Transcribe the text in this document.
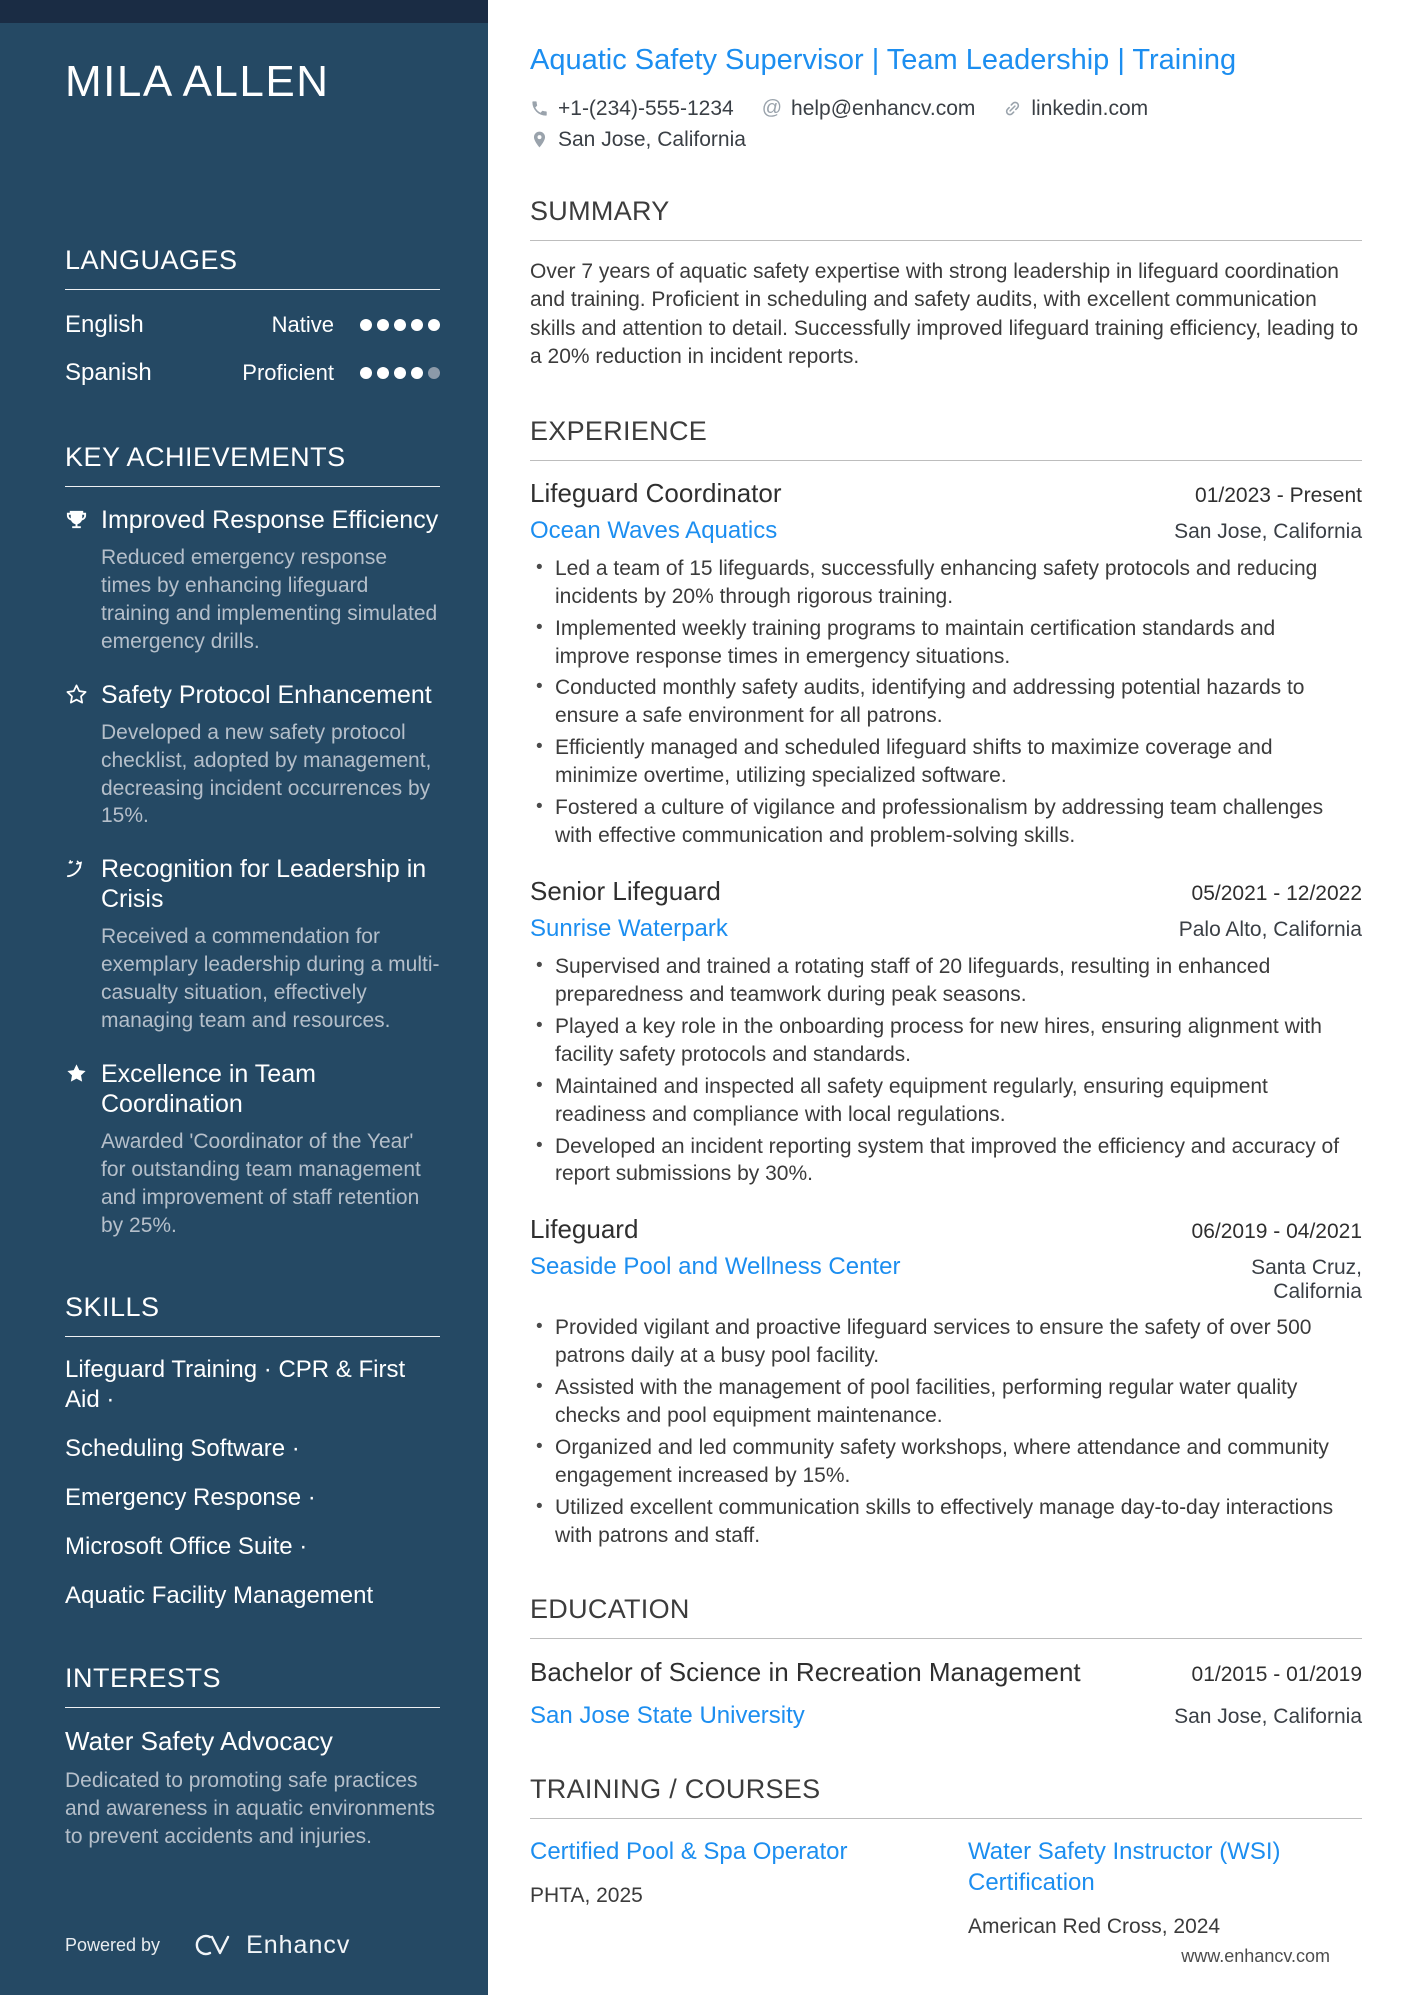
MILA ALLEN
LANGUAGES
English	Native
Spanish	Proficient
KEY ACHIEVEMENTS
Improved Response Efficiency
Reduced emergency response times by enhancing lifeguard training and implementing simulated emergency drills.
Safety Protocol Enhancement
Developed a new safety protocol checklist, adopted by management, decreasing incident occurrences by 15%.
Recognition for Leadership in Crisis
Received a commendation for exemplary leadership during a multi-casualty situation, effectively managing team and resources.
Excellence in Team Coordination
Awarded 'Coordinator of the Year' for outstanding team management and improvement of staff retention by 25%.
SKILLS
Lifeguard Training · CPR & First Aid ·
Scheduling Software ·
Emergency Response ·
Microsoft Office Suite ·
Aquatic Facility Management
INTERESTS
Water Safety Advocacy
Dedicated to promoting safe practices and awareness in aquatic environments to prevent accidents and injuries.
Powered by	Enhancv
Aquatic Safety Supervisor | Team Leadership | Training
+1-(234)-555-1234 @ help@enhancv.com	linkedin.com
San Jose, California
SUMMARY

Over 7 years of aquatic safety expertise with strong leadership in lifeguard coordination and training. Proficient in scheduling and safety audits, with excellent communication skills and attention to detail. Successfully improved lifeguard training efficiency, leading to a 20% reduction in incident reports.

EXPERIENCE
Lifeguard Coordinator	01/2023 - Present
Ocean Waves Aquatics	San Jose, California
• Led a team of 15 lifeguards, successfully enhancing safety protocols and reducing incidents by 20% through rigorous training.
• Implemented weekly training programs to maintain certification standards and improve response times in emergency situations.
• Conducted monthly safety audits, identifying and addressing potential hazards to ensure a safe environment for all patrons.
• Efficiently managed and scheduled lifeguard shifts to maximize coverage and minimize overtime, utilizing specialized software.
• Fostered a culture of vigilance and professionalism by addressing team challenges with effective communication and problem-solving skills.
Senior Lifeguard	05/2021 - 12/2022
Sunrise Waterpark	Palo Alto, California
• Supervised and trained a rotating staff of 20 lifeguards, resulting in enhanced preparedness and teamwork during peak seasons.
• Played a key role in the onboarding process for new hires, ensuring alignment with facility safety protocols and standards.
• Maintained and inspected all safety equipment regularly, ensuring equipment readiness and compliance with local regulations.
• Developed an incident reporting system that improved the efficiency and accuracy of report submissions by 30%.
Lifeguard	06/2019 - 04/2021
Seaside Pool and Wellness Center	Santa Cruz, California
• Provided vigilant and proactive lifeguard services to ensure the safety of over 500 patrons daily at a busy pool facility.
• Assisted with the management of pool facilities, performing regular water quality checks and pool equipment maintenance.
• Organized and led community safety workshops, where attendance and community engagement increased by 15%.
• Utilized excellent communication skills to effectively manage day-to-day interactions with patrons and staff.
EDUCATION
Bachelor of Science in Recreation Management	01/2015 - 01/2019
San Jose State University	San Jose, California
TRAINING / COURSES
Certified Pool & Spa Operator
PHTA, 2025
Water Safety Instructor (WSI) Certification
American Red Cross, 2024
www.enhancv.com
